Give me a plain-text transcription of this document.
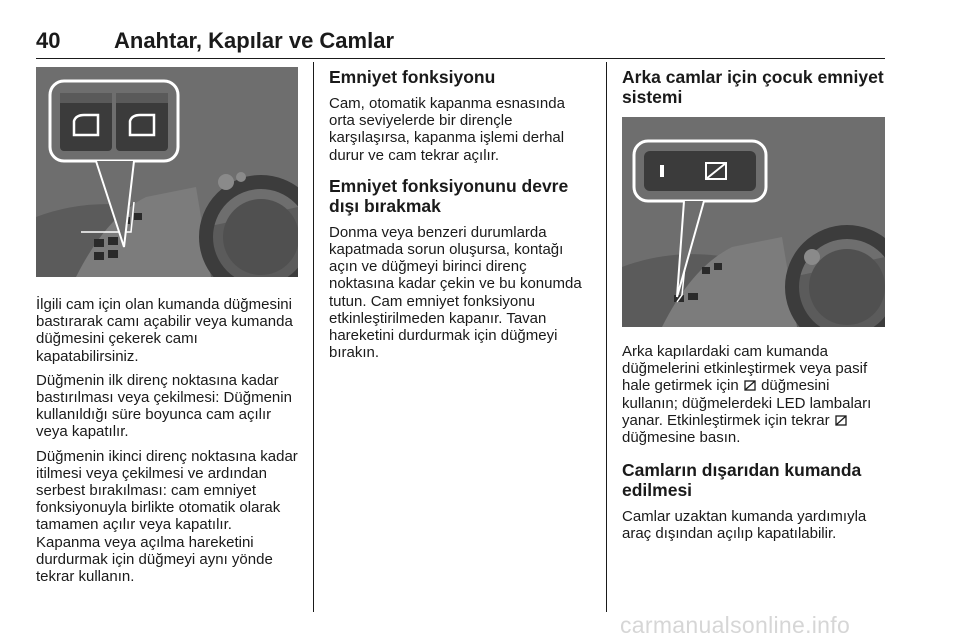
40 Anahtar, Kapılar ve Camlar

İlgili cam için olan kumanda düğmesini bastırarak camı açabilir veya kumanda düğmesini çekerek camı kapatabilirsiniz.

Düğmenin ilk direnç noktasına kadar bastırılması veya çekilmesi: Düğmenin kullanıldığı süre boyunca cam açılır veya kapatılır.

Düğmenin ikinci direnç noktasına kadar itilmesi veya çekilmesi ve ardından serbest bırakılması: cam emniyet fonksiyonuyla birlikte otomatik olarak tamamen açılır veya kapatılır. Kapanma veya açılma hareketini durdurmak için düğmeyi aynı yönde tekrar kullanın.

Emniyet fonksiyonu

Cam, otomatik kapanma esnasında orta seviyelerde bir dirençle karşılaşırsa, kapanma işlemi derhal durur ve cam tekrar açılır.

Emniyet fonksiyonunu devre dışı bırakmak

Donma veya benzeri durumlarda kapatmada sorun oluşursa, kontağı açın ve düğmeyi birinci direnç noktasına kadar çekin ve bu konumda tutun. Cam emniyet fonksiyonu etkinleştirilmeden kapanır. Tavan hareketini durdurmak için düğmeyi bırakın.

Arka camlar için çocuk emniyet sistemi

Arka kapılardaki cam kumanda düğmelerini etkinleştirmek veya pasif hale getirmek için düğmesini kullanın; düğmelerdeki LED lambaları yanar. Etkinleştirmek için tekrar  düğmesine basın.

Camların dışarıdan kumanda edilmesi

Camlar uzaktan kumanda yardımıyla araç dışından açılıp kapatılabilir.

carmanualsonline.info
